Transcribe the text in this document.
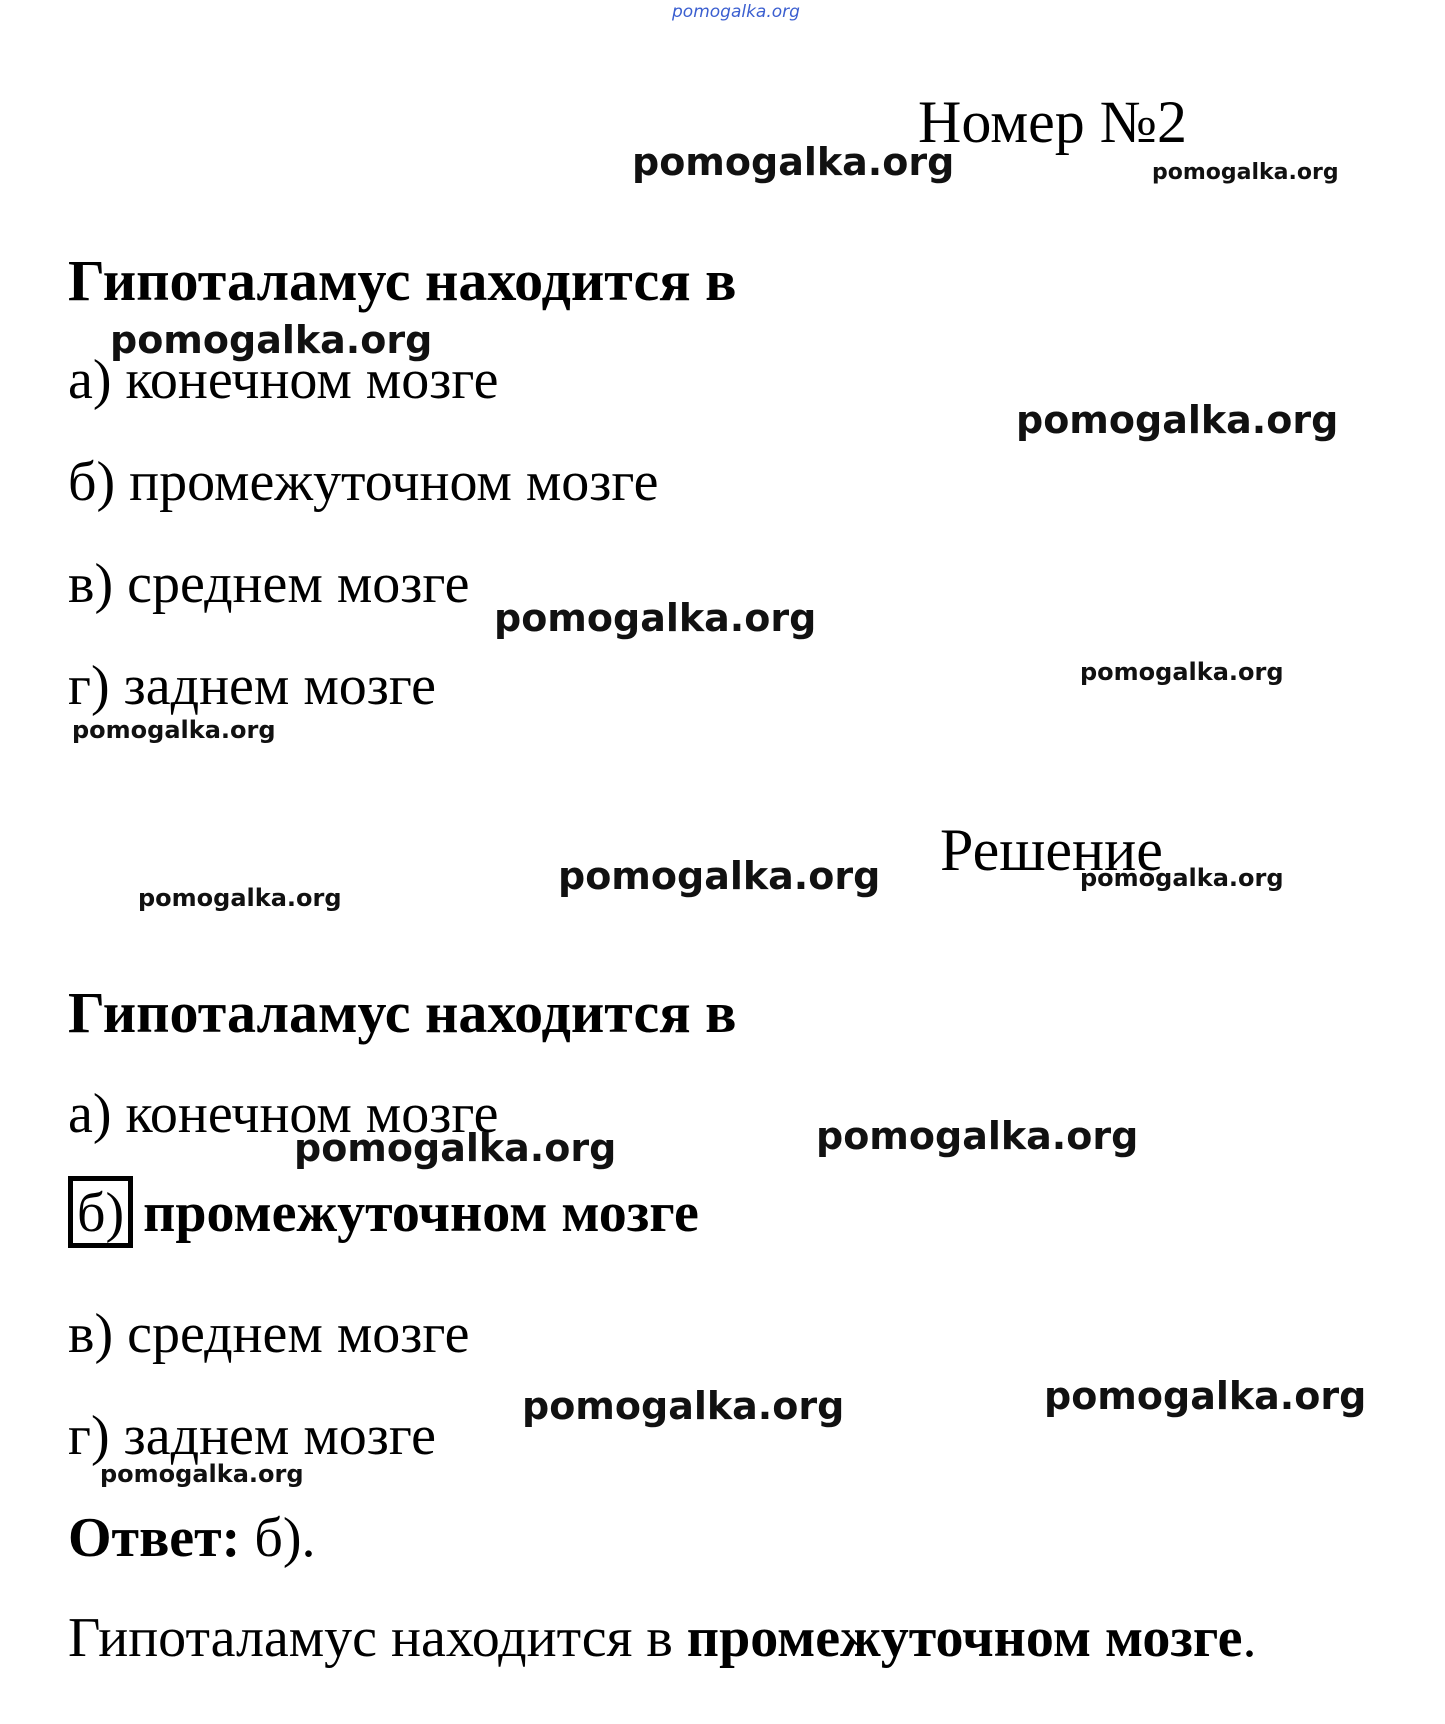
Номер №2
Гипоталамус находится в
а) конечном мозге
б) промежуточном мозге
в) среднем мозге
г) заднем мозге
Решение
Гипоталамус находится в
а) конечном мозге
б) промежуточном мозге
в) среднем мозге
г) заднем мозге
Ответ: б).
Гипоталамус находится в промежуточном мозге.
pomogalka.org
pomogalka.org	pomogalka.org
pomogalka.org
pomogalka.org
pomogalka.org
pomogalka.org
pomogalka.org
pomogalka.org	pomogalka.org	pomogalka.org
pomogalka.org	pomogalka.org
pomogalka.org
pomogalka.org
pomogalka.org
